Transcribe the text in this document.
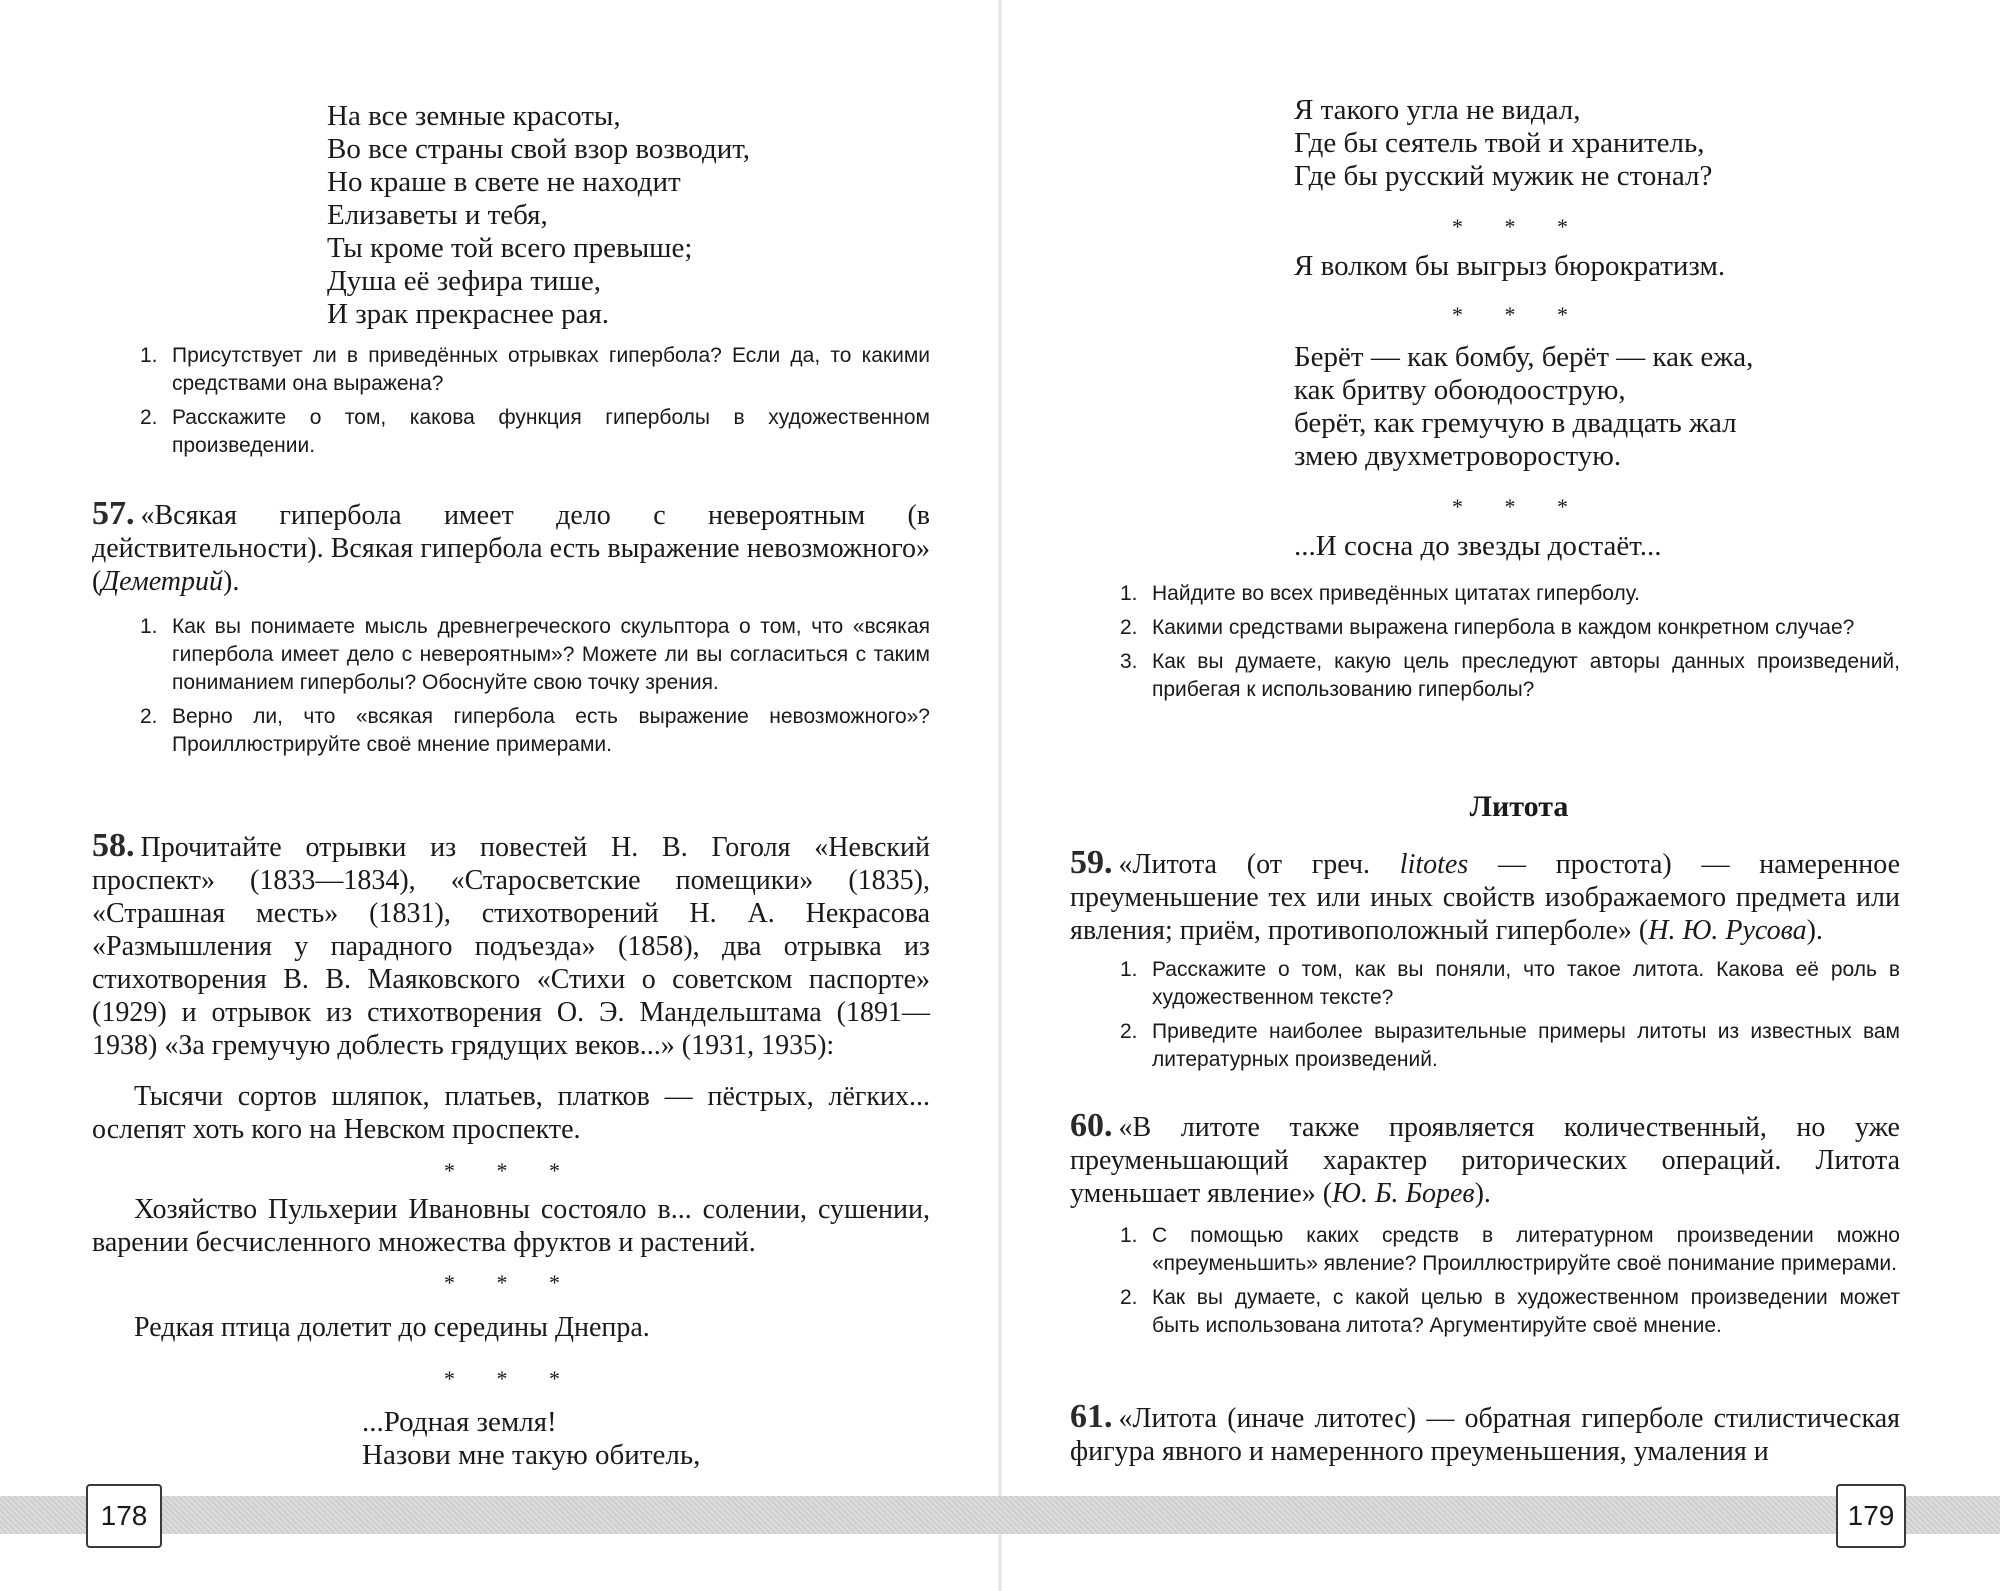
На все земные красоты,
Во все страны свой взор возводит,
Но краше в свете не находит
Елизаветы и тебя,
Ты кроме той всего превыше;
Душа её зефира тише,
И зрак прекраснее рая.
1. Присутствует ли в приведённых отрывках гипербола? Если да, то какими средствами она выражена?
2. Расскажите о том, какова функция гиперболы в художественном произведении.
57. «Всякая гипербола имеет дело с невероятным (в действительности). Всякая гипербола есть выражение невозможного» (Деметрий).
1. Как вы понимаете мысль древнегреческого скульптора о том, что «всякая гипербола имеет дело с невероятным»? Можете ли вы согласиться с таким пониманием гиперболы? Обоснуйте свою точку зрения.
2. Верно ли, что «всякая гипербола есть выражение невозможного»? Проиллюстрируйте своё мнение примерами.
58. Прочитайте отрывки из повестей Н. В. Гоголя «Невский проспект» (1833—1834), «Старосветские помещики» (1835), «Страшная месть» (1831), стихотворений Н. А. Некрасова «Размышления у парадного подъезда» (1858), два отрывка из стихотворения В. В. Маяковского «Стихи о советском паспорте» (1929) и отрывок из стихотворения О. Э. Мандельштама (1891—1938) «За гремучую доблесть грядущих веков...» (1931, 1935):
Тысячи сортов шляпок, платьев, платков — пёстрых, лёгких... ослепят хоть кого на Невском проспекте.
* * *
Хозяйство Пульхерии Ивановны состояло в... солении, сушении, варении бесчисленного множества фруктов и растений.
* * *
Редкая птица долетит до середины Днепра.
* * *
...Родная земля!
Назови мне такую обитель,
Я такого угла не видал,
Где бы сеятель твой и хранитель,
Где бы русский мужик не стонал?
* * *
Я волком бы выгрыз бюрократизм.
* * *
Берёт — как бомбу, берёт — как ежа,
как бритву обоюдоострую,
берёт, как гремучую в двадцать жал
змею двухметроворостую.
* * *
...И сосна до звезды достаёт...
1. Найдите во всех приведённых цитатах гиперболу.
2. Какими средствами выражена гипербола в каждом конкретном случае?
3. Как вы думаете, какую цель преследуют авторы данных произведений, прибегая к использованию гиперболы?
Литота
59. «Литота (от греч. litotes — простота) — намеренное преуменьшение тех или иных свойств изображаемого предмета или явления; приём, противоположный гиперболе» (Н. Ю. Русова).
1. Расскажите о том, как вы поняли, что такое литота. Какова её роль в художественном тексте?
2. Приведите наиболее выразительные примеры литоты из известных вам литературных произведений.
60. «В литоте также проявляется количественный, но уже преуменьшающий характер риторических операций. Литота уменьшает явление» (Ю. Б. Борев).
1. С помощью каких средств в литературном произведении можно «преуменьшить» явление? Проиллюстрируйте своё понимание примерами.
2. Как вы думаете, с какой целью в художественном произведении может быть использована литота? Аргументируйте своё мнение.
61. «Литота (иначе литотес) — обратная гиперболе стилистическая фигура явного и намеренного преуменьшения, умаления и
178	179
